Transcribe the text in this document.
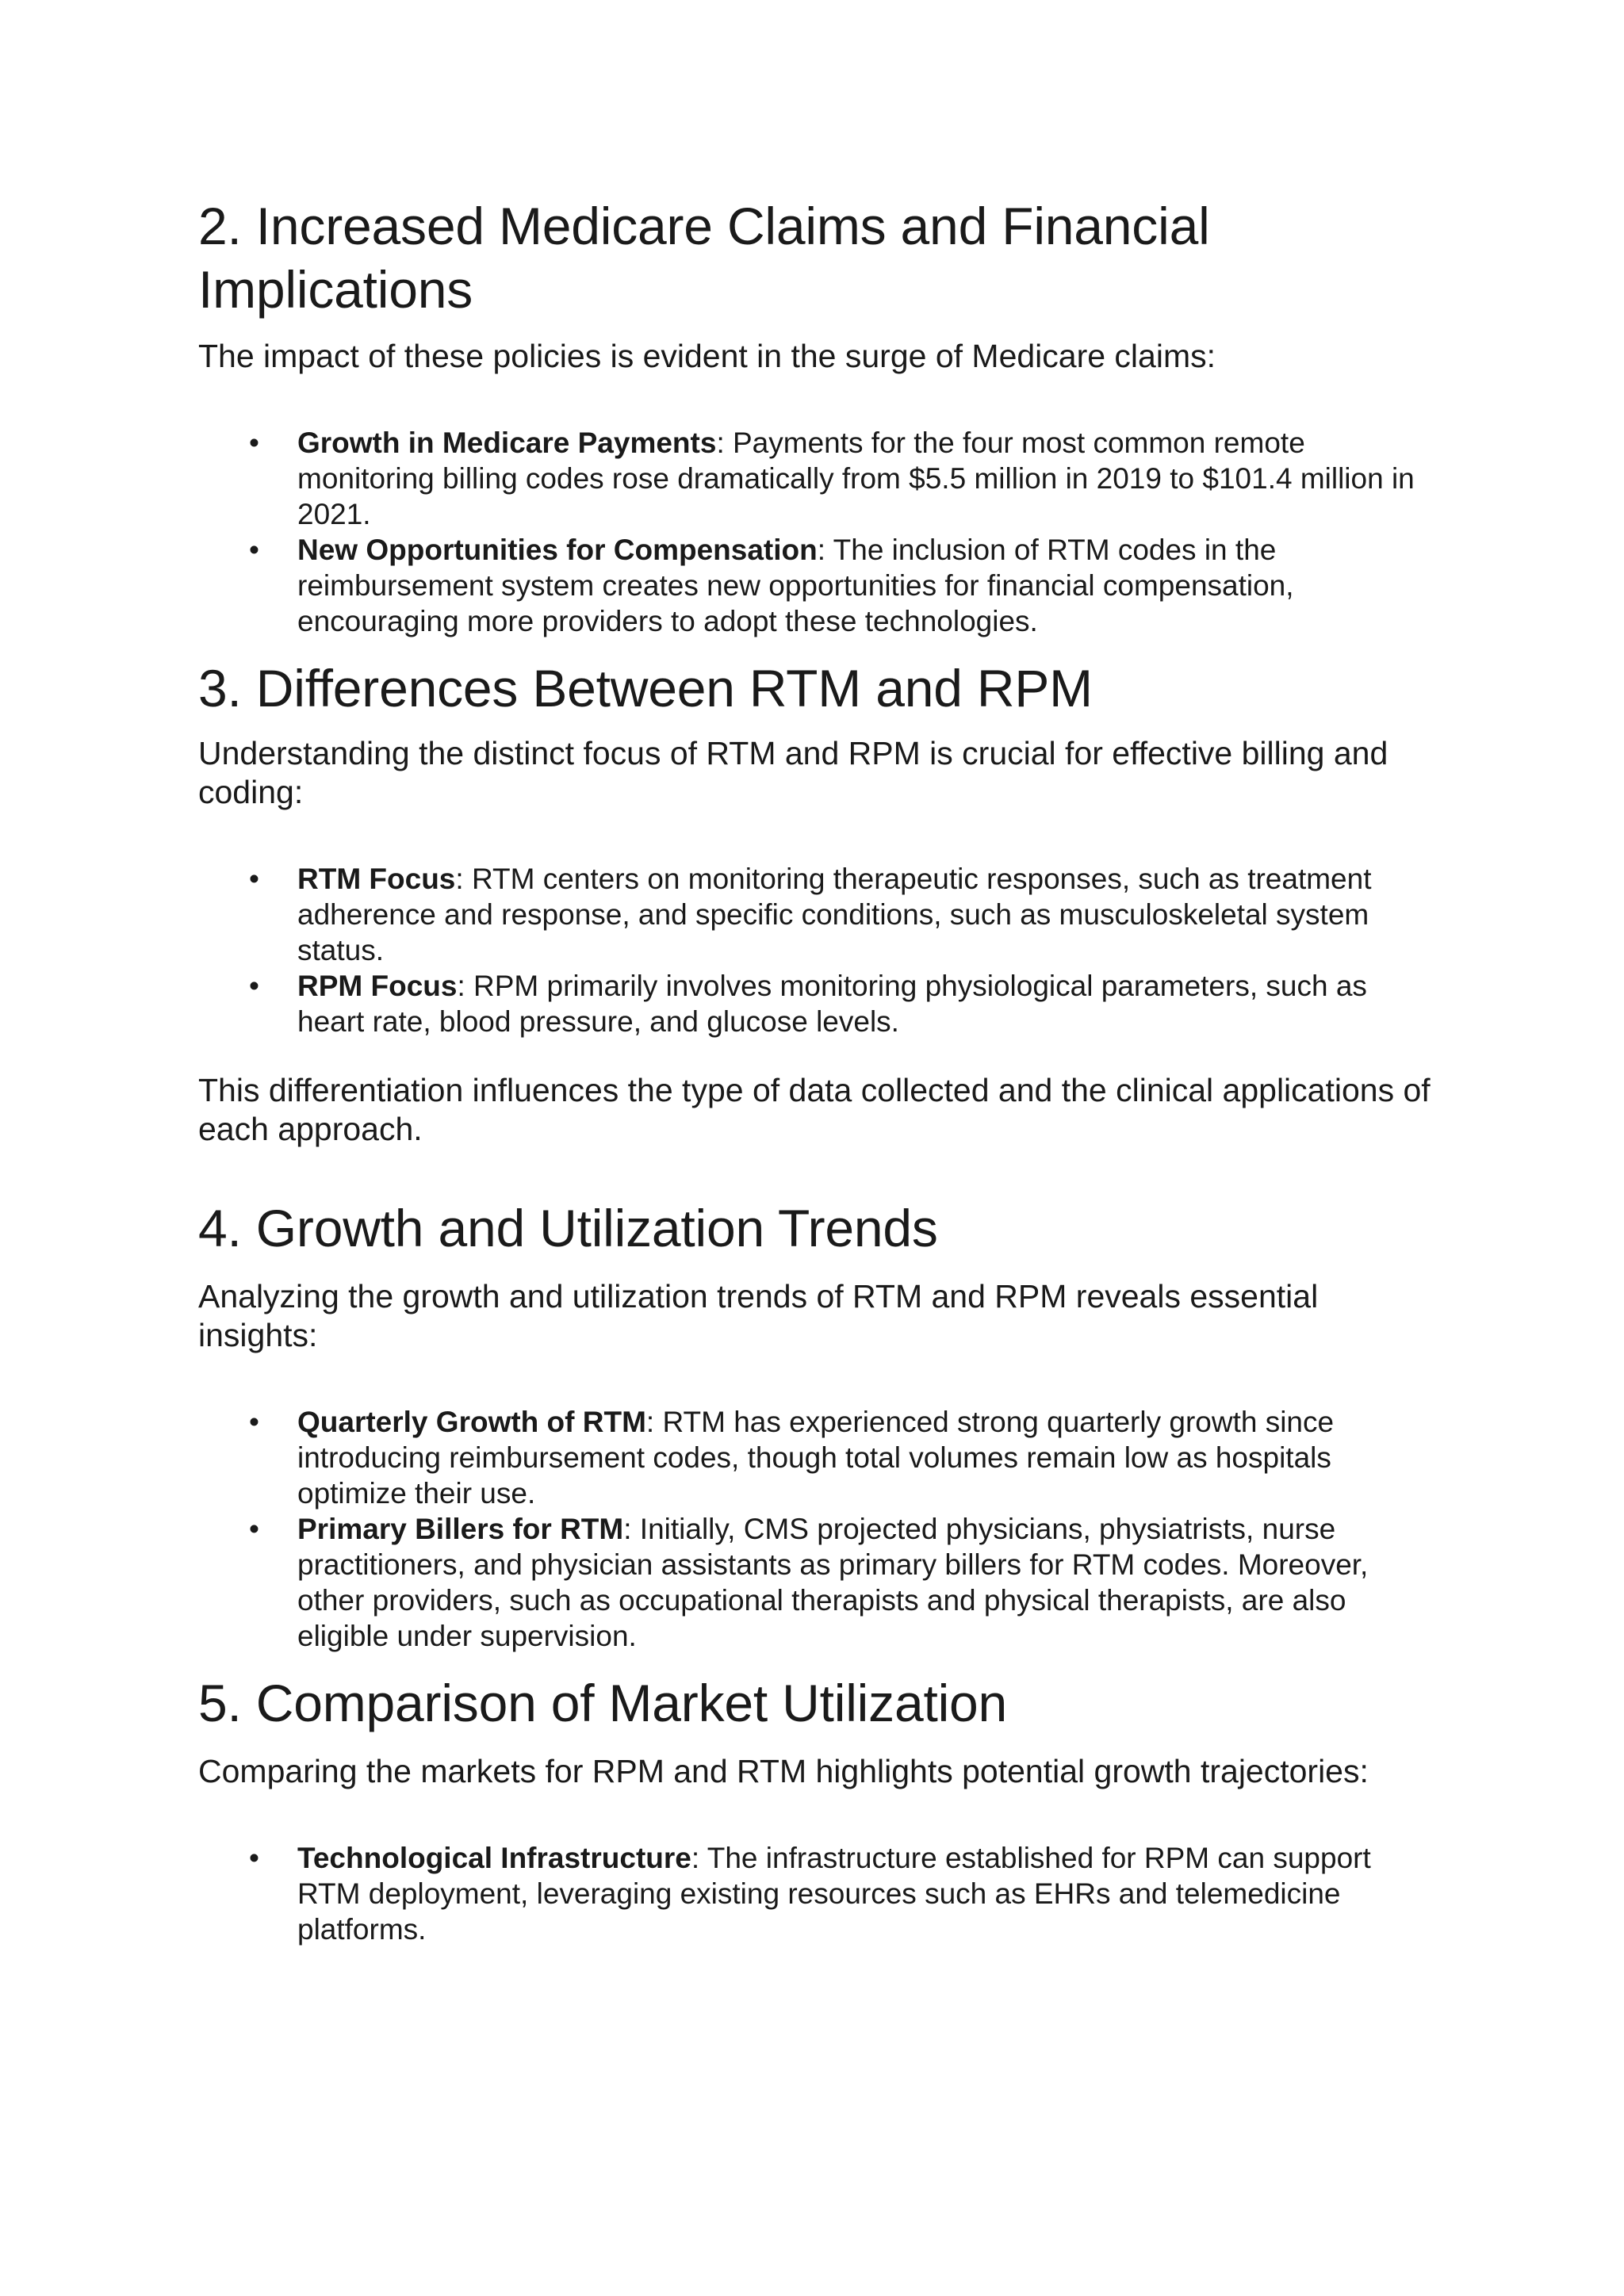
2. Increased Medicare Claims and Financial Implications

The impact of these policies is evident in the surge of Medicare claims:

• Growth in Medicare Payments: Payments for the four most common remote monitoring billing codes rose dramatically from $5.5 million in 2019 to $101.4 million in 2021.
• New Opportunities for Compensation: The inclusion of RTM codes in the reimbursement system creates new opportunities for financial compensation, encouraging more providers to adopt these technologies.
3. Differences Between RTM and RPM

Understanding the distinct focus of RTM and RPM is crucial for effective billing and coding:

• RTM Focus: RTM centers on monitoring therapeutic responses, such as treatment adherence and response, and specific conditions, such as musculoskeletal system status.
• RPM Focus: RPM primarily involves monitoring physiological parameters, such as heart rate, blood pressure, and glucose levels.

This differentiation influences the type of data collected and the clinical applications of each approach.

4. Growth and Utilization Trends

Analyzing the growth and utilization trends of RTM and RPM reveals essential insights:

• Quarterly Growth of RTM: RTM has experienced strong quarterly growth since introducing reimbursement codes, though total volumes remain low as hospitals optimize their use.
• Primary Billers for RTM: Initially, CMS projected physicians, physiatrists, nurse practitioners, and physician assistants as primary billers for RTM codes. Moreover, other providers, such as occupational therapists and physical therapists, are also eligible under supervision.
5. Comparison of Market Utilization

Comparing the markets for RPM and RTM highlights potential growth trajectories:

• Technological Infrastructure: The infrastructure established for RPM can support RTM deployment, leveraging existing resources such as EHRs and telemedicine platforms.
